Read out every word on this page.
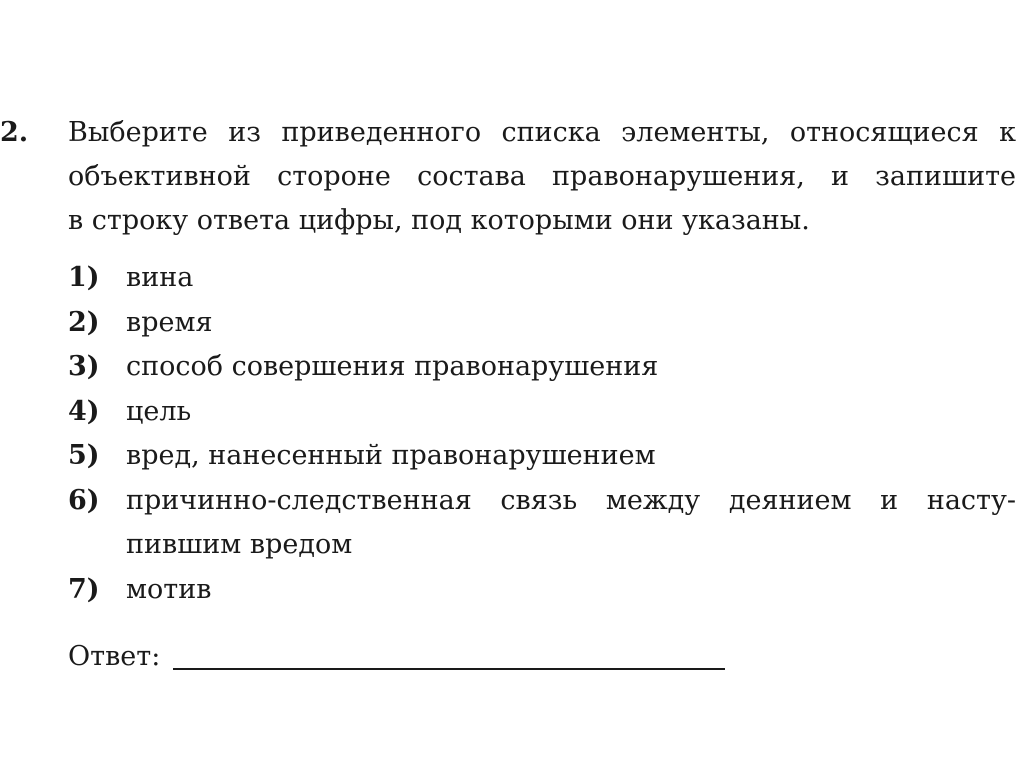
2. Выберите из приведенного списка элементы, относящиеся к
объективной стороне состава правонарушения, и запишите
в строку ответа цифры, под которыми они указаны.
1) вина
2) время
3) способ совершения правонарушения
4) цель
5) вред, нанесенный правонарушением
6) причинно-следственная связь между деянием и насту-
пившим вредом
7) мотив
Ответ:
